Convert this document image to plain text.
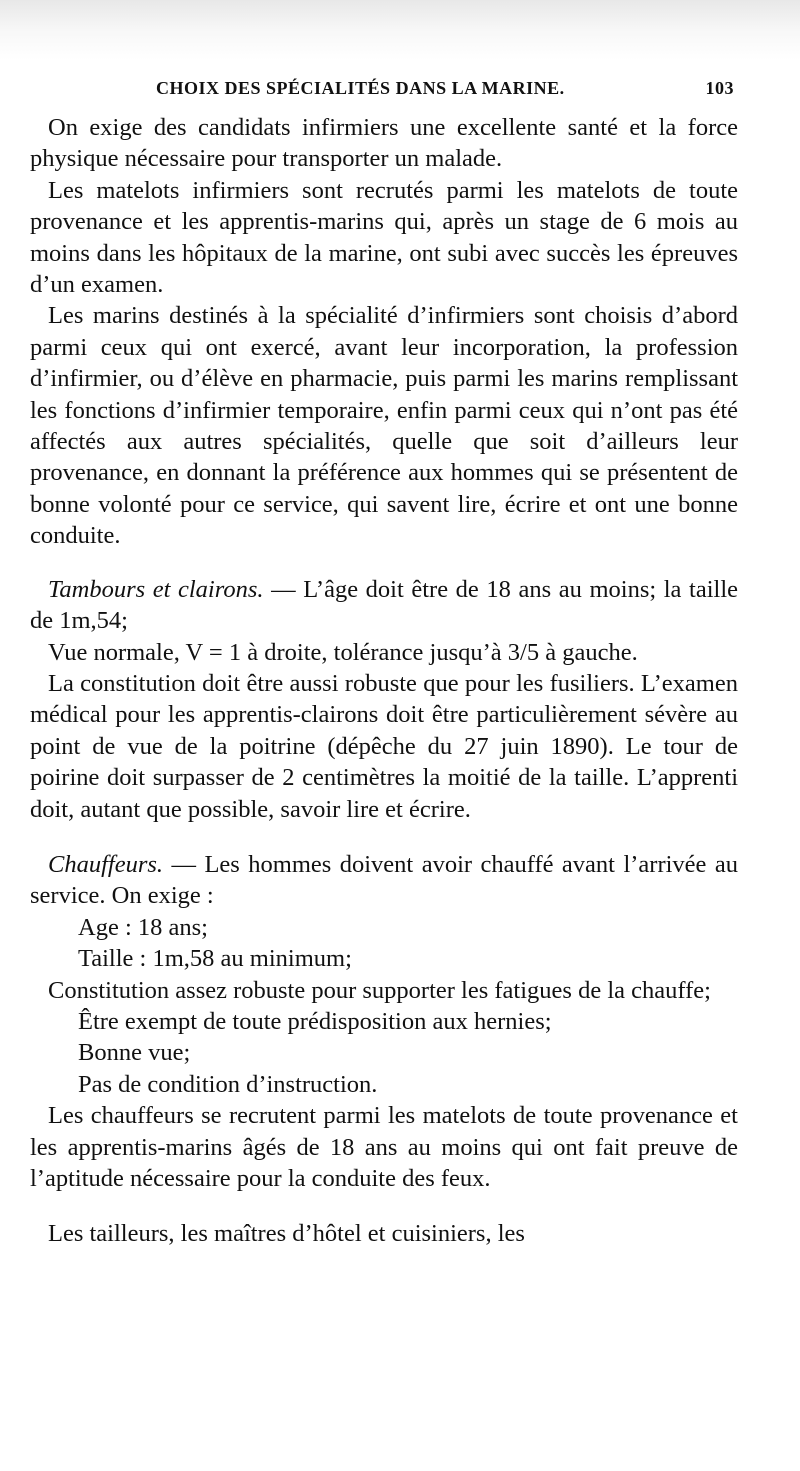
CHOIX DES SPÉCIALITÉS DANS LA MARINE.	103

On exige des candidats infirmiers une excellente santé et la force physique nécessaire pour transporter un malade.

Les matelots infirmiers sont recrutés parmi les matelots de toute provenance et les apprentis-marins qui, après un stage de 6 mois au moins dans les hôpitaux de la marine, ont subi avec succès les épreuves d’un examen.

Les marins destinés à la spécialité d’infirmiers sont choisis d’abord parmi ceux qui ont exercé, avant leur incorporation, la profession d’infirmier, ou d’élève en pharmacie, puis parmi les marins remplissant les fonctions d’infirmier temporaire, enfin parmi ceux qui n’ont pas été affectés aux autres spécialités, quelle que soit d’ailleurs leur provenance, en donnant la préférence aux hommes qui se présentent de bonne volonté pour ce service, qui savent lire, écrire et ont une bonne conduite.

Tambours et clairons. — L’âge doit être de 18 ans au moins; la taille de 1m,54;

Vue normale, V = 1 à droite, tolérance jusqu’à 3/5 à gauche.

La constitution doit être aussi robuste que pour les fusiliers. L’examen médical pour les apprentis-clairons doit être particulièrement sévère au point de vue de la poitrine (dépêche du 27 juin 1890). Le tour de poirine doit surpasser de 2 centimètres la moitié de la taille. L’apprenti doit, autant que possible, savoir lire et écrire.

Chauffeurs. — Les hommes doivent avoir chauffé avant l’arrivée au service. On exige :

Age : 18 ans;

Taille : 1m,58 au minimum;

Constitution assez robuste pour supporter les fatigues de la chauffe;

Être exempt de toute prédisposition aux hernies;

Bonne vue;

Pas de condition d’instruction.

Les chauffeurs se recrutent parmi les matelots de toute provenance et les apprentis-marins âgés de 18 ans au moins qui ont fait preuve de l’aptitude nécessaire pour la conduite des feux.

Les tailleurs, les maîtres d’hôtel et cuisiniers, les
